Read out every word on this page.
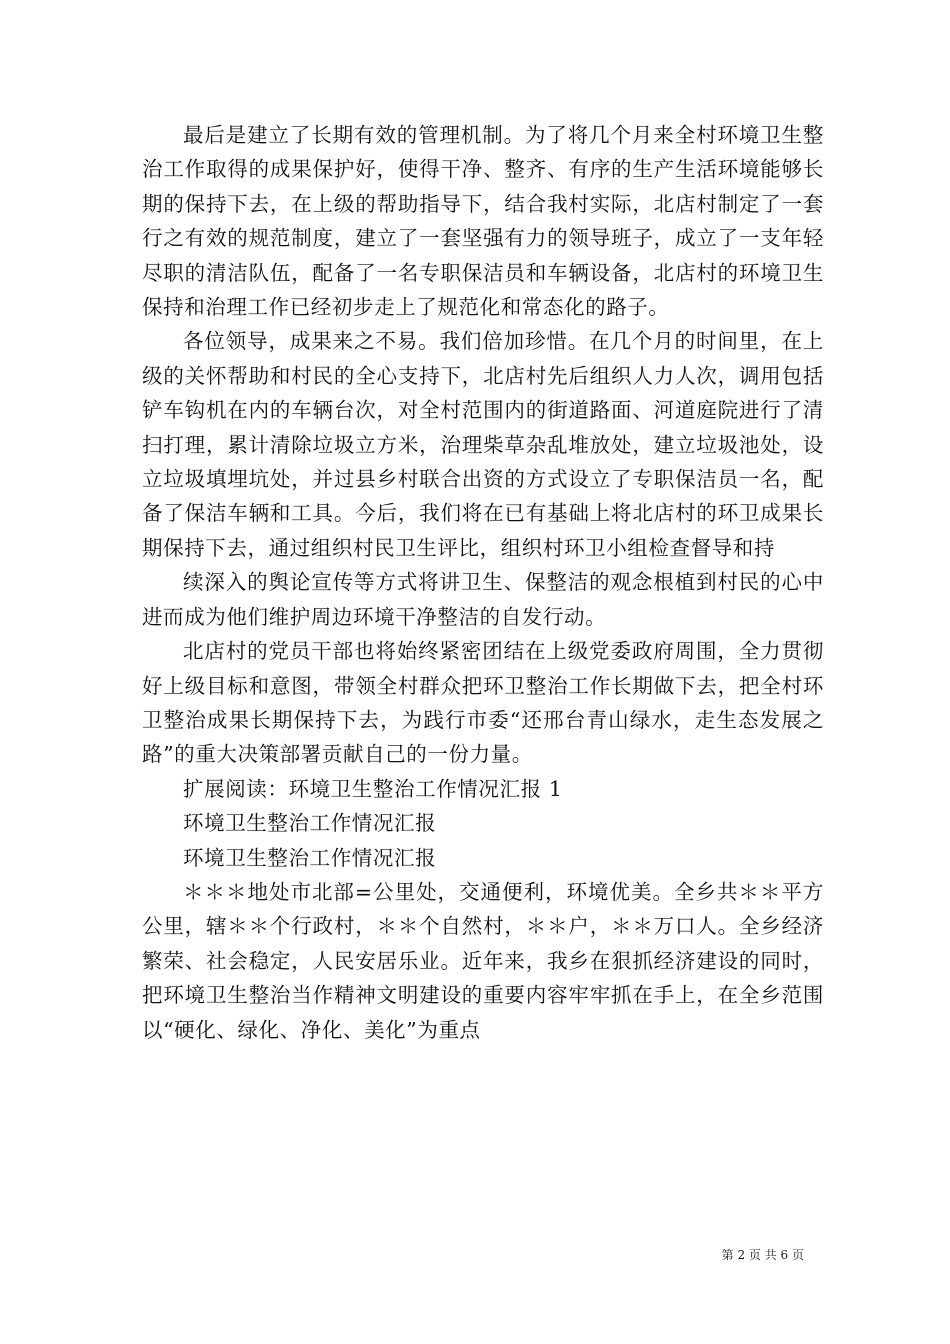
最后是建立了长期有效的管理机制。为了将几个月来全村环境卫生整治工作取得的成果保护好，使得干净、整齐、有序的生产生活环境能够长期的保持下去，在上级的帮助指导下，结合我村实际，北店村制定了一套行之有效的规范制度，建立了一套坚强有力的领导班子，成立了一支年轻尽职的清洁队伍，配备了一名专职保洁员和车辆设备，北店村的环境卫生保持和治理工作已经初步走上了规范化和常态化的路子。

各位领导，成果来之不易。我们倍加珍惜。在几个月的时间里，在上级的关怀帮助和村民的全心支持下，北店村先后组织人力人次，调用包括铲车钩机在内的车辆台次，对全村范围内的街道路面、河道庭院进行了清扫打理，累计清除垃圾立方米，治理柴草杂乱堆放处，建立垃圾池处，设立垃圾填埋坑处，并过县乡村联合出资的方式设立了专职保洁员一名，配备了保洁车辆和工具。今后，我们将在已有基础上将北店村的环卫成果长期保持下去，通过组织村民卫生评比，组织村环卫小组检查督导和持

续深入的舆论宣传等方式将讲卫生、保整洁的观念根植到村民的心中进而成为他们维护周边环境干净整洁的自发行动。

北店村的党员干部也将始终紧密团结在上级党委政府周围，全力贯彻好上级目标和意图，带领全村群众把环卫整治工作长期做下去，把全村环卫整治成果长期保持下去，为践行市委“还邢台青山绿水，走生态发展之路”的重大决策部署贡献自己的一份力量。

扩展阅读：环境卫生整治工作情况汇报 1

环境卫生整治工作情况汇报

环境卫生整治工作情况汇报

＊＊＊地处市北部=公里处，交通便利，环境优美。全乡共＊＊平方公里，辖＊＊个行政村，＊＊个自然村，＊＊户，＊＊万口人。全乡经济繁荣、社会稳定，人民安居乐业。近年来，我乡在狠抓经济建设的同时，把环境卫生整治当作精神文明建设的重要内容牢牢抓在手上，在全乡范围以“硬化、绿化、净化、美化”为重点

第 2 页 共 6 页
